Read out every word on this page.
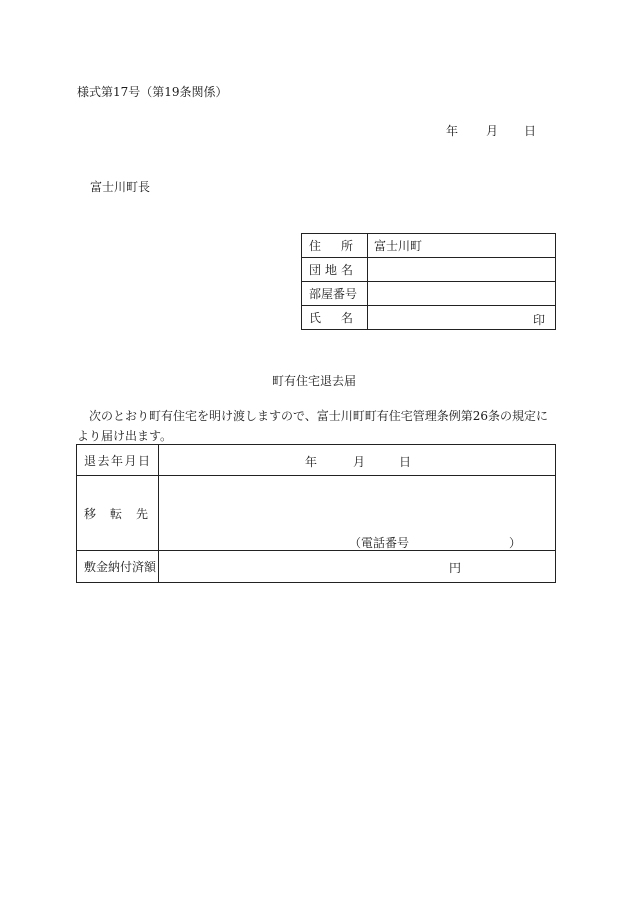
様式第17号（第19条関係）
年 月 日
富士川町長
住 所	富士川町

団 地 名	

部屋番号	

氏 名	印
町有住宅退去届
次のとおり町有住宅を明け渡しますので、富士川町町有住宅管理条例第26条の規定により届け出ます。
退 去 年 月 日	年 月 日

移 転 先	（電話番号 ）

敷金納付済額	円
